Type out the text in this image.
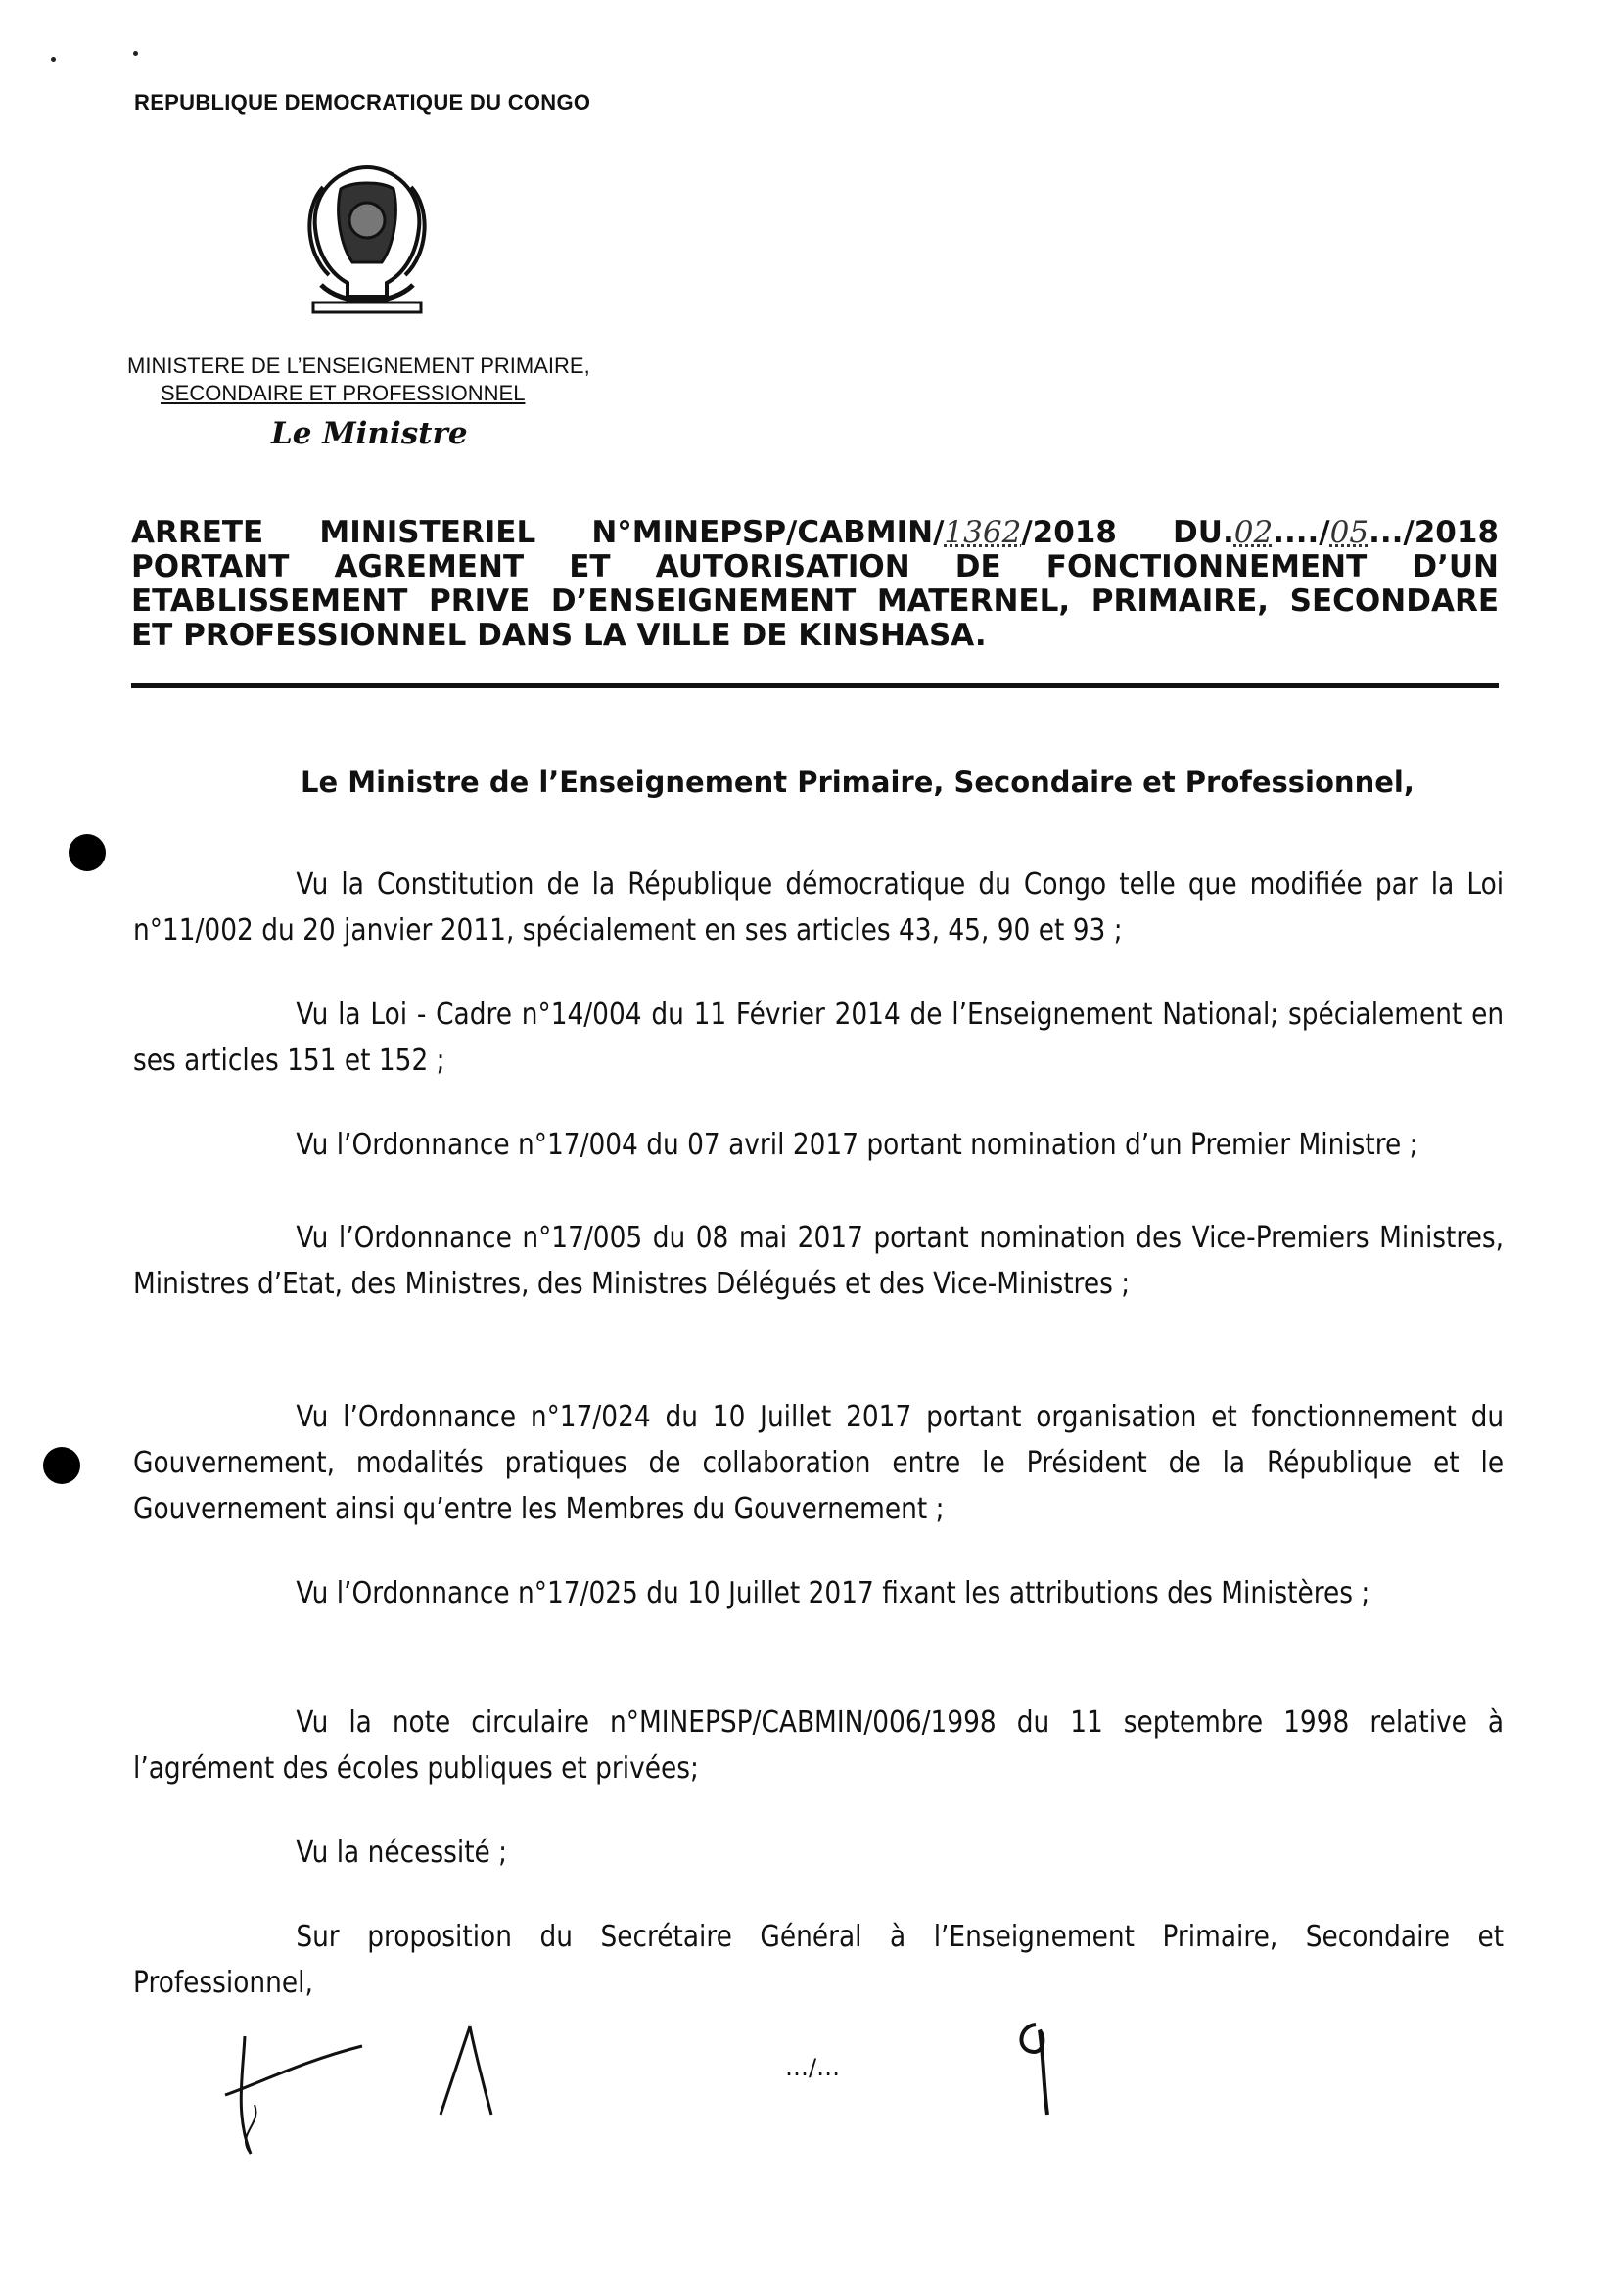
REPUBLIQUE DEMOCRATIQUE DU CONGO
MINISTERE DE L’ENSEIGNEMENT PRIMAIRE,
SECONDAIRE ET PROFESSIONNEL
Le Ministre
ARRETE MINISTERIEL N°MINEPSP/CABMIN/1362/2018 DU.02..../05.../2018
PORTANT AGREMENT ET AUTORISATION DE FONCTIONNEMENT D’UN
ETABLISSEMENT PRIVE D’ENSEIGNEMENT MATERNEL, PRIMAIRE, SECONDARE
ET PROFESSIONNEL DANS LA VILLE DE KINSHASA.
Le Ministre de l’Enseignement Primaire, Secondaire et Professionnel,
Vu la Constitution de la République démocratique du Congo telle que modifiée par la Loi n°11/002 du 20 janvier 2011, spécialement en ses articles 43, 45, 90 et 93 ;
Vu la Loi - Cadre n°14/004 du 11 Février 2014 de l’Enseignement National; spécialement en ses articles 151 et 152 ;
Vu l’Ordonnance n°17/004 du 07 avril 2017 portant nomination d’un Premier Ministre ;
Vu l’Ordonnance n°17/005 du 08 mai 2017 portant nomination des Vice-Premiers Ministres, Ministres d’Etat, des Ministres, des Ministres Délégués et des Vice-Ministres ;
Vu l’Ordonnance n°17/024 du 10 Juillet 2017 portant organisation et fonctionnement du Gouvernement, modalités pratiques de collaboration entre le Président de la République et le Gouvernement ainsi qu’entre les Membres du Gouvernement ;
Vu l’Ordonnance n°17/025 du 10 Juillet 2017 fixant les attributions des Ministères ;
Vu la note circulaire n°MINEPSP/CABMIN/006/1998 du 11 septembre 1998 relative à l’agrément des écoles publiques et privées;
Vu la nécessité ;
Sur proposition du Secrétaire Général à l’Enseignement Primaire, Secondaire et Professionnel,
…/…
